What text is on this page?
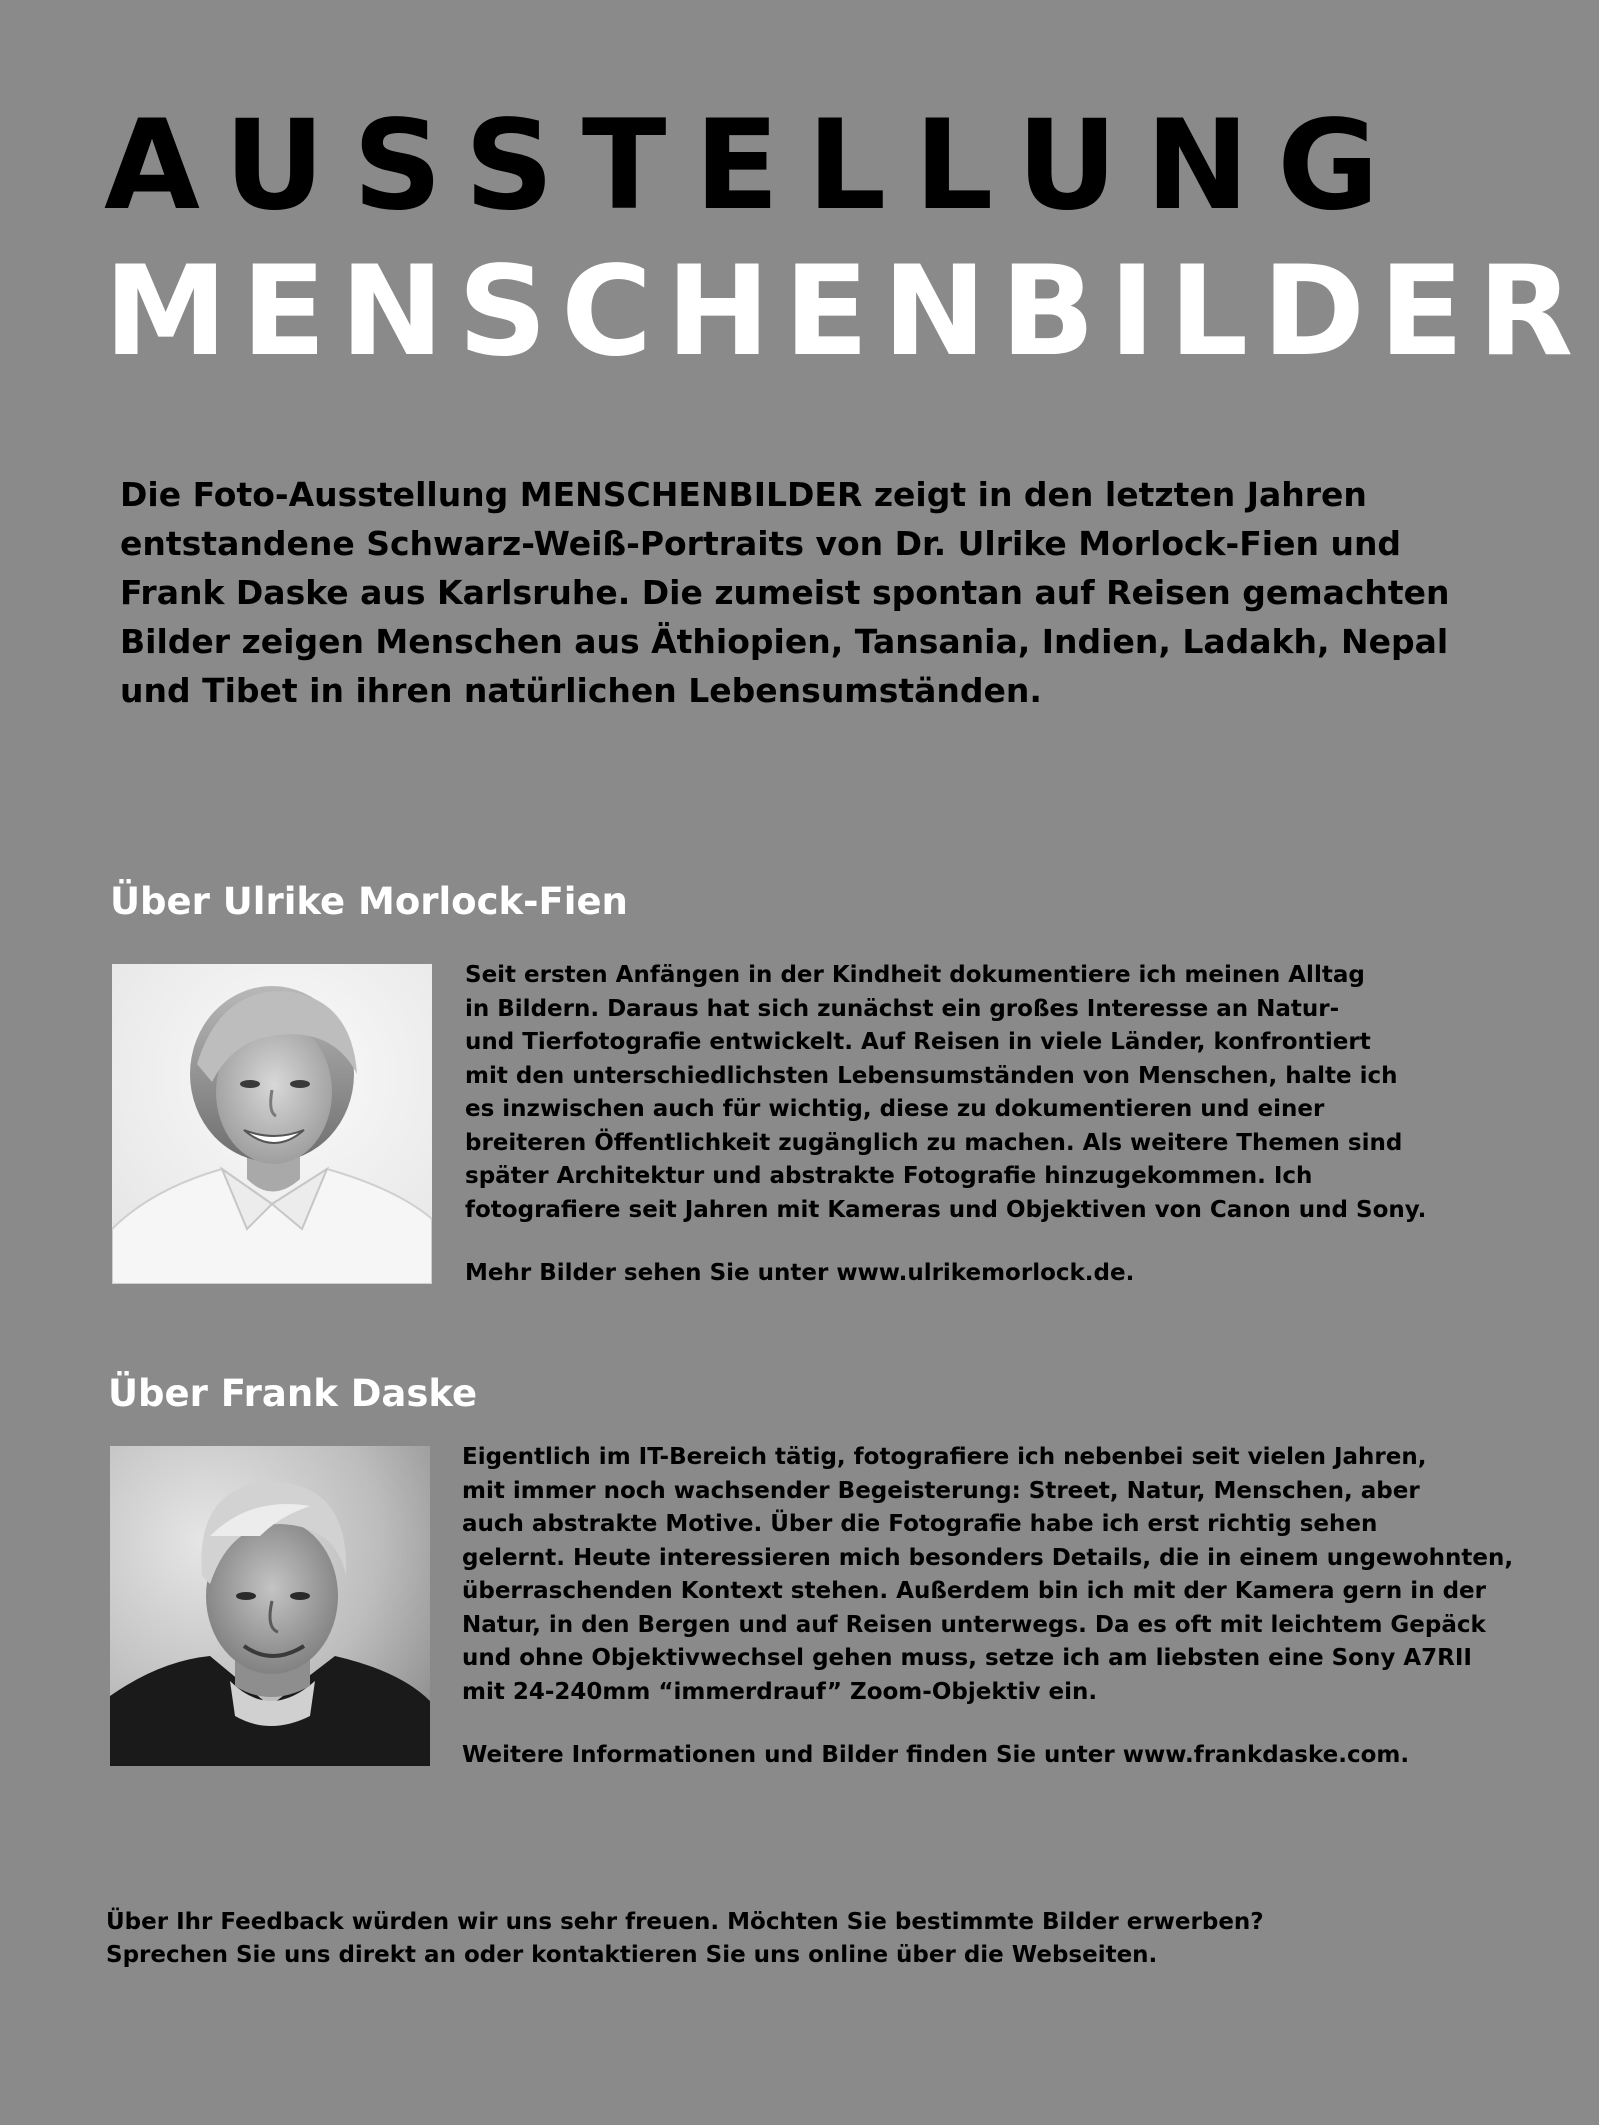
AUSSTELLUNG
MENSCHENBILDER

Die Foto-Ausstellung MENSCHENBILDER zeigt in den letzten Jahren
entstandene Schwarz-Weiß-Portraits von Dr. Ulrike Morlock-Fien und
Frank Daske aus Karlsruhe. Die zumeist spontan auf Reisen gemachten
Bilder zeigen Menschen aus Äthiopien, Tansania, Indien, Ladakh, Nepal
und Tibet in ihren natürlichen Lebensumständen.

Über Ulrike Morlock-Fien

Seit ersten Anfängen in der Kindheit dokumentiere ich meinen Alltag
in Bildern. Daraus hat sich zunächst ein großes Interesse an Natur-
und Tierfotografie entwickelt. Auf Reisen in viele Länder, konfrontiert
mit den unterschiedlichsten Lebensumständen von Menschen, halte ich
es inzwischen auch für wichtig, diese zu dokumentieren und einer
breiteren Öffentlichkeit zugänglich zu machen. Als weitere Themen sind
später Architektur und abstrakte Fotografie hinzugekommen. Ich
fotografiere seit Jahren mit Kameras und Objektiven von Canon und Sony.

Mehr Bilder sehen Sie unter www.ulrikemorlock.de.

Über Frank Daske

Eigentlich im IT-Bereich tätig, fotografiere ich nebenbei seit vielen Jahren,
mit immer noch wachsender Begeisterung: Street, Natur, Menschen, aber
auch abstrakte Motive. Über die Fotografie habe ich erst richtig sehen
gelernt. Heute interessieren mich besonders Details, die in einem ungewohnten,
überraschenden Kontext stehen. Außerdem bin ich mit der Kamera gern in der
Natur, in den Bergen und auf Reisen unterwegs. Da es oft mit leichtem Gepäck
und ohne Objektivwechsel gehen muss, setze ich am liebsten eine Sony A7RII
mit 24-240mm “immerdrauf” Zoom-Objektiv ein.

Weitere Informationen und Bilder finden Sie unter www.frankdaske.com.

Über Ihr Feedback würden wir uns sehr freuen. Möchten Sie bestimmte Bilder erwerben?
Sprechen Sie uns direkt an oder kontaktieren Sie uns online über die Webseiten.
